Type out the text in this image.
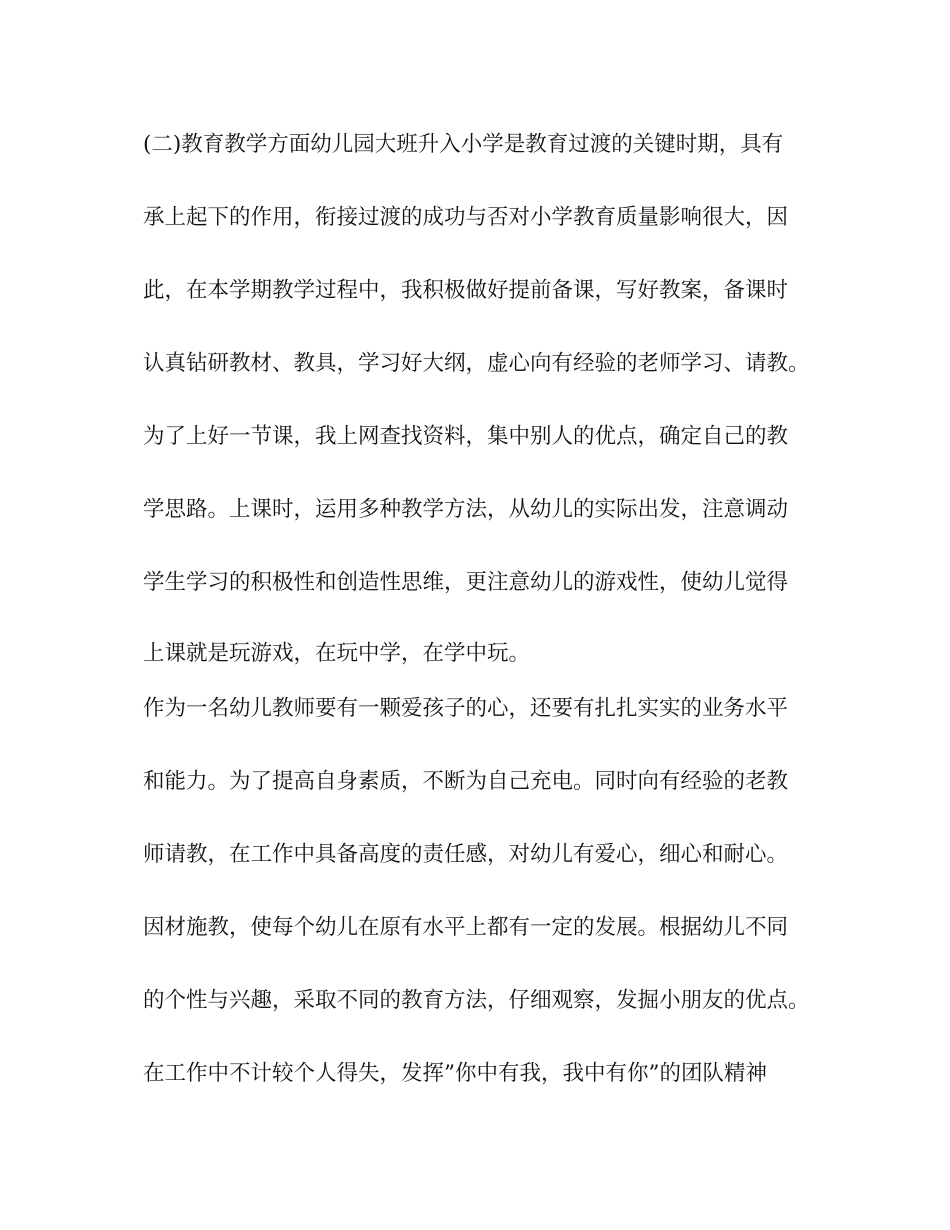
(二)教育教学方面幼儿园大班升入小学是教育过渡的关键时期，具有
承上起下的作用，衔接过渡的成功与否对小学教育质量影响很大，因
此，在本学期教学过程中，我积极做好提前备课，写好教案，备课时
认真钻研教材、教具，学习好大纲，虚心向有经验的老师学习、请教。
为了上好一节课，我上网查找资料，集中别人的优点，确定自己的教
学思路。上课时，运用多种教学方法，从幼儿的实际出发，注意调动
学生学习的积极性和创造性思维，更注意幼儿的游戏性，使幼儿觉得
上课就是玩游戏，在玩中学，在学中玩。
作为一名幼儿教师要有一颗爱孩子的心，还要有扎扎实实的业务水平
和能力。为了提高自身素质，不断为自己充电。同时向有经验的老教
师请教，在工作中具备高度的责任感，对幼儿有爱心，细心和耐心。
因材施教，使每个幼儿在原有水平上都有一定的发展。根据幼儿不同
的个性与兴趣，采取不同的教育方法，仔细观察，发掘小朋友的优点。
在工作中不计较个人得失，发挥”你中有我，我中有你”的团队精神
